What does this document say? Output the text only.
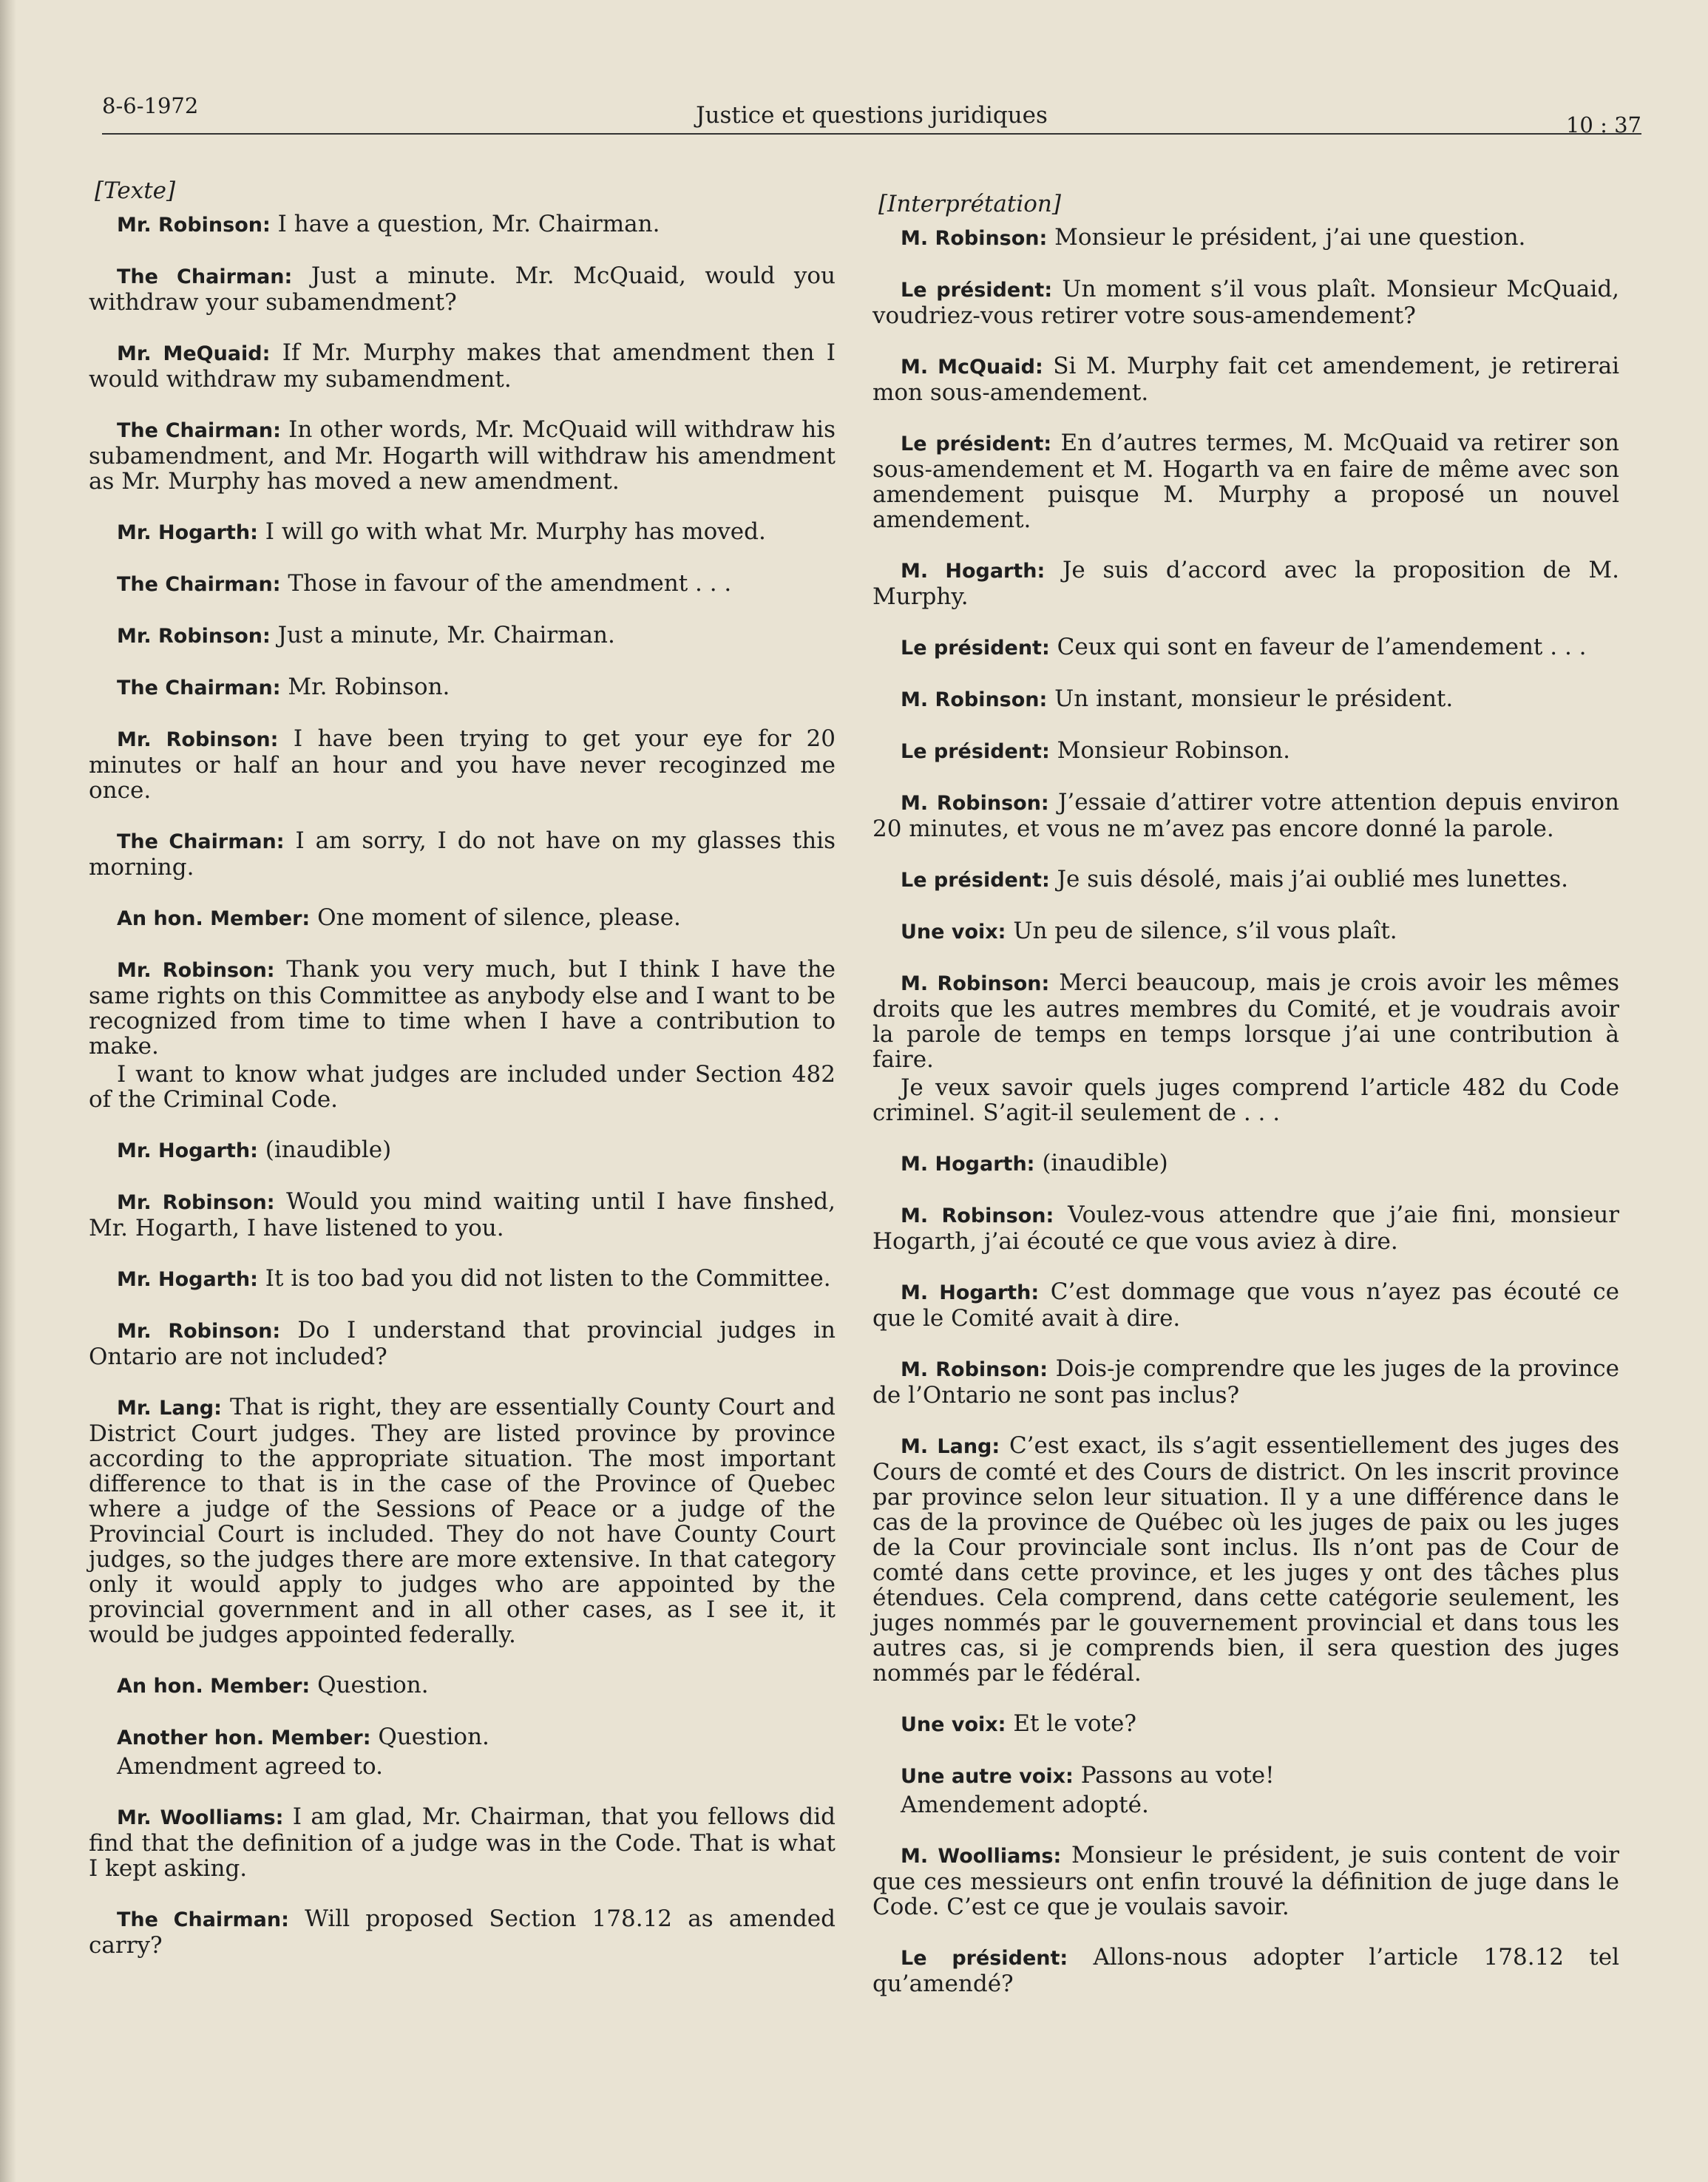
8-6-1972	Justice et questions juridiques	10 : 37
[Texte]

Mr. Robinson: I have a question, Mr. Chairman.

The Chairman: Just a minute. Mr. McQuaid, would you withdraw your subamendment?

Mr. MeQuaid: If Mr. Murphy makes that amendment then I would withdraw my subamendment.

The Chairman: In other words, Mr. McQuaid will withdraw his subamendment, and Mr. Hogarth will withdraw his amendment as Mr. Murphy has moved a new amendment.

Mr. Hogarth: I will go with what Mr. Murphy has moved.

The Chairman: Those in favour of the amendment . . .

Mr. Robinson: Just a minute, Mr. Chairman.

The Chairman: Mr. Robinson.

Mr. Robinson: I have been trying to get your eye for 20 minutes or half an hour and you have never recoginzed me once.

The Chairman: I am sorry, I do not have on my glasses this morning.

An hon. Member: One moment of silence, please.

Mr. Robinson: Thank you very much, but I think I have the same rights on this Committee as anybody else and I want to be recognized from time to time when I have a contribution to make.
I want to know what judges are included under Section 482 of the Criminal Code.

Mr. Hogarth: (inaudible)

Mr. Robinson: Would you mind waiting until I have finshed, Mr. Hogarth, I have listened to you.

Mr. Hogarth: It is too bad you did not listen to the Committee.

Mr. Robinson: Do I understand that provincial judges in Ontario are not included?

Mr. Lang: That is right, they are essentially County Court and District Court judges. They are listed province by province according to the appropriate situation. The most important difference to that is in the case of the Province of Quebec where a judge of the Sessions of Peace or a judge of the Provincial Court is included. They do not have County Court judges, so the judges there are more extensive. In that category only it would apply to judges who are appointed by the provincial government and in all other cases, as I see it, it would be judges appointed federally.

An hon. Member: Question.

Another hon. Member: Question.
Amendment agreed to.

Mr. Woolliams: I am glad, Mr. Chairman, that you fellows did find that the definition of a judge was in the Code. That is what I kept asking.

The Chairman: Will proposed Section 178.12 as amended carry?

[Interprétation]

M. Robinson: Monsieur le président, j’ai une question.

Le président: Un moment s’il vous plaît. Monsieur McQuaid, voudriez-vous retirer votre sous-amendement?

M. McQuaid: Si M. Murphy fait cet amendement, je retirerai mon sous-amendement.

Le président: En d’autres termes, M. McQuaid va retirer son sous-amendement et M. Hogarth va en faire de même avec son amendement puisque M. Murphy a proposé un nouvel amendement.

M. Hogarth: Je suis d’accord avec la proposition de M. Murphy.

Le président: Ceux qui sont en faveur de l’amendement . . .

M. Robinson: Un instant, monsieur le président.

Le président: Monsieur Robinson.

M. Robinson: J’essaie d’attirer votre attention depuis environ 20 minutes, et vous ne m’avez pas encore donné la parole.

Le président: Je suis désolé, mais j’ai oublié mes lunettes.

Une voix: Un peu de silence, s’il vous plaît.

M. Robinson: Merci beaucoup, mais je crois avoir les mêmes droits que les autres membres du Comité, et je voudrais avoir la parole de temps en temps lorsque j’ai une contribution à faire.
Je veux savoir quels juges comprend l’article 482 du Code criminel. S’agit-il seulement de . . .

M. Hogarth: (inaudible)

M. Robinson: Voulez-vous attendre que j’aie fini, monsieur Hogarth, j’ai écouté ce que vous aviez à dire.

M. Hogarth: C’est dommage que vous n’ayez pas écouté ce que le Comité avait à dire.

M. Robinson: Dois-je comprendre que les juges de la province de l’Ontario ne sont pas inclus?

M. Lang: C’est exact, ils s’agit essentiellement des juges des Cours de comté et des Cours de district. On les inscrit province par province selon leur situation. Il y a une différence dans le cas de la province de Québec où les juges de paix ou les juges de la Cour provinciale sont inclus. Ils n’ont pas de Cour de comté dans cette province, et les juges y ont des tâches plus étendues. Cela comprend, dans cette catégorie seulement, les juges nommés par le gouvernement provincial et dans tous les autres cas, si je comprends bien, il sera question des juges nommés par le fédéral.

Une voix: Et le vote?

Une autre voix: Passons au vote!
Amendement adopté.

M. Woolliams: Monsieur le président, je suis content de voir que ces messieurs ont enfin trouvé la définition de juge dans le Code. C’est ce que je voulais savoir.

Le président: Allons-nous adopter l’article 178.12 tel qu’amendé?
